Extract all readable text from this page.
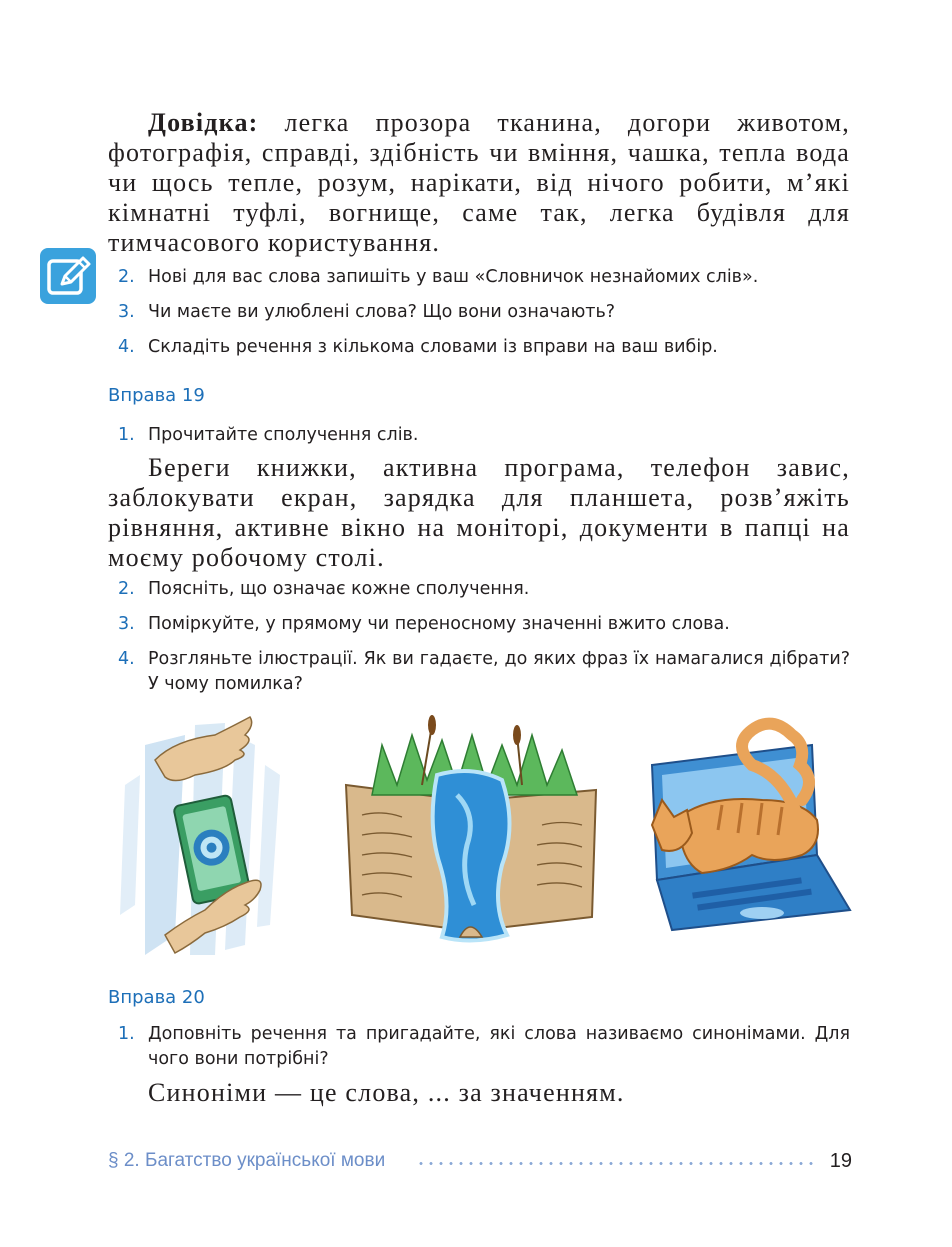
Довідка: легка прозора тканина, догори животом, фотографія, справді, здібність чи вміння, чашка, тепла вода чи щось тепле, розум, нарікати, від нічого робити, м’які кімнатні туфлі, вогнище, саме так, легка будівля для тимчасового користування.
2. Нові для вас слова запишіть у ваш «Словничок незнайомих слів».
3. Чи маєте ви улюблені слова? Що вони означають?
4. Складіть речення з кількома словами із вправи на ваш вибір.
Вправа 19
1. Прочитайте сполучення слів.
Береги книжки, активна програма, телефон завис, заблокувати екран, зарядка для планшета, розв’яжіть рівняння, активне вікно на моніторі, документи в папці на моєму робочому столі.
2. Поясніть, що означає кожне сполучення.
3. Поміркуйте, у прямому чи переносному значенні вжито слова.
4. Розгляньте ілюстрації. Як ви гадаєте, до яких фраз їх намагалися дібрати? У чому помилка?
Вправа 20
1. Доповніть речення та пригадайте, які слова називаємо синонімами. Для чого вони потрібні?
Синоніми — це слова, ... за значенням.
§ 2. Багатство української мови	19
